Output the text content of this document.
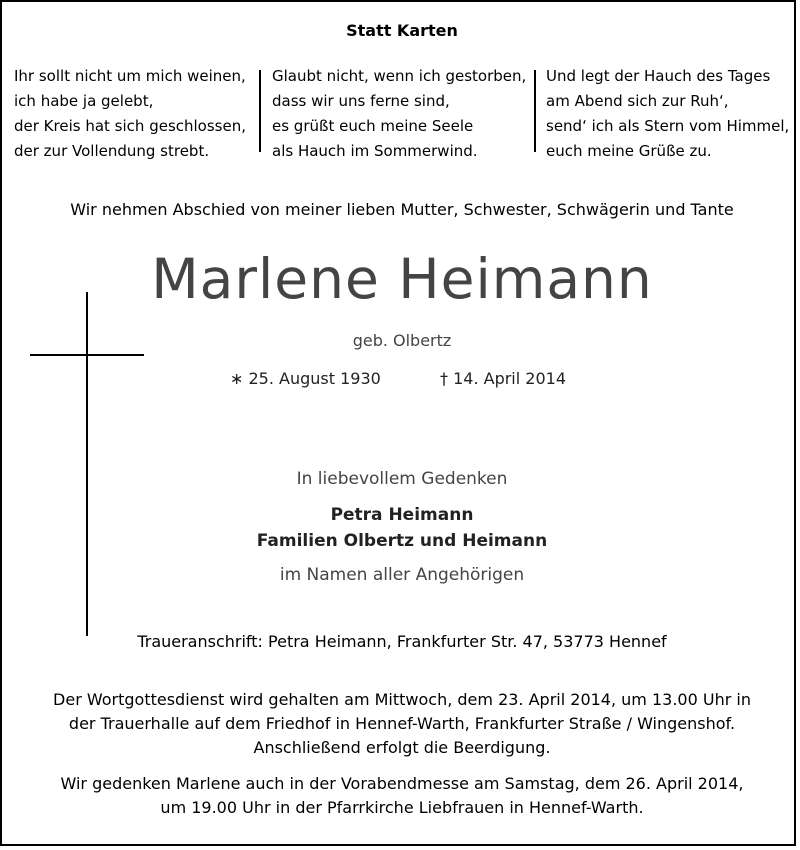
Statt Karten
Ihr sollt nicht um mich weinen,
ich habe ja gelebt,
der Kreis hat sich geschlossen,
der zur Vollendung strebt.
Glaubt nicht, wenn ich gestorben,
dass wir uns ferne sind,
es grüßt euch meine Seele
als Hauch im Sommerwind.
Und legt der Hauch des Tages
am Abend sich zur Ruh‘,
send‘ ich als Stern vom Himmel,
euch meine Grüße zu.
Wir nehmen Abschied von meiner lieben Mutter, Schwester, Schwägerin und Tante
Marlene Heimann
geb. Olbertz
∗ 25. August 1930	† 14. April 2014
In liebevollem Gedenken
Petra Heimann
Familien Olbertz und Heimann
im Namen aller Angehörigen
Traueranschrift: Petra Heimann, Frankfurter Str. 47, 53773 Hennef
Der Wortgottesdienst wird gehalten am Mittwoch, dem 23. April 2014, um 13.00 Uhr in
der Trauerhalle auf dem Friedhof in Hennef-Warth, Frankfurter Straße / Wingenshof.
Anschließend erfolgt die Beerdigung.
Wir gedenken Marlene auch in der Vorabendmesse am Samstag, dem 26. April 2014,
um 19.00 Uhr in der Pfarrkirche Liebfrauen in Hennef-Warth.
